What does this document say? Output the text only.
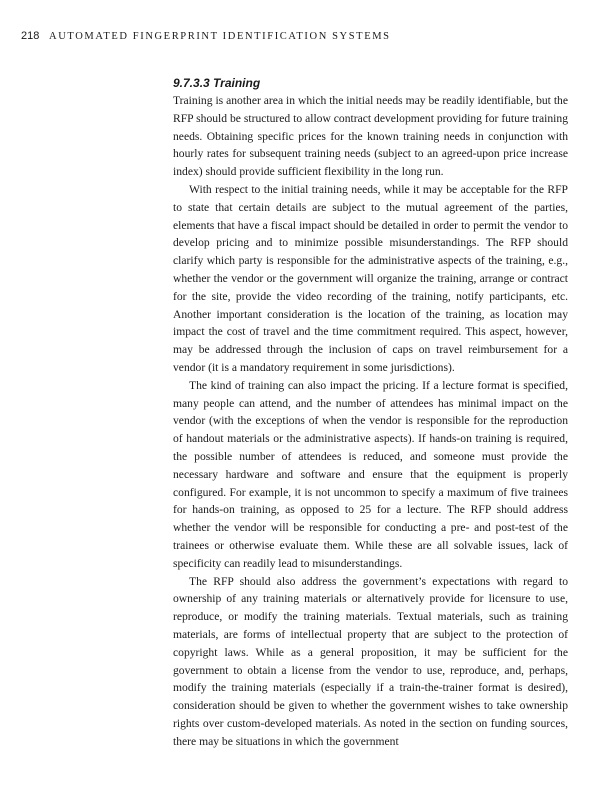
218 AUTOMATED FINGERPRINT IDENTIFICATION SYSTEMS
9.7.3.3 Training

Training is another area in which the initial needs may be readily identifiable, but the RFP should be structured to allow contract development providing for future training needs. Obtaining specific prices for the known training needs in conjunction with hourly rates for subsequent training needs (subject to an agreed-upon price increase index) should provide sufficient flexibility in the long run.

With respect to the initial training needs, while it may be acceptable for the RFP to state that certain details are subject to the mutual agreement of the parties, elements that have a fiscal impact should be detailed in order to permit the vendor to develop pricing and to minimize possible misunderstandings. The RFP should clarify which party is responsible for the administrative aspects of the training, e.g., whether the vendor or the government will organize the training, arrange or contract for the site, provide the video recording of the training, notify participants, etc. Another important consideration is the location of the training, as location may impact the cost of travel and the time commitment required. This aspect, however, may be addressed through the inclusion of caps on travel reimbursement for a vendor (it is a mandatory requirement in some jurisdictions).

The kind of training can also impact the pricing. If a lecture format is specified, many people can attend, and the number of attendees has minimal impact on the vendor (with the exceptions of when the vendor is responsible for the reproduction of handout materials or the administrative aspects). If hands-on training is required, the possible number of attendees is reduced, and someone must provide the necessary hardware and software and ensure that the equipment is properly configured. For example, it is not uncommon to specify a maximum of five trainees for hands-on training, as opposed to 25 for a lecture. The RFP should address whether the vendor will be responsible for conducting a pre- and post-test of the trainees or otherwise evaluate them. While these are all solvable issues, lack of specificity can readily lead to misunderstandings.

The RFP should also address the government’s expectations with regard to ownership of any training materials or alternatively provide for licensure to use, reproduce, or modify the training materials. Textual materials, such as training materials, are forms of intellectual property that are subject to the protection of copyright laws. While as a general proposition, it may be sufficient for the government to obtain a license from the vendor to use, reproduce, and, perhaps, modify the training materials (especially if a train-the-trainer format is desired), consideration should be given to whether the government wishes to take ownership rights over custom-developed materials. As noted in the section on funding sources, there may be situations in which the government
